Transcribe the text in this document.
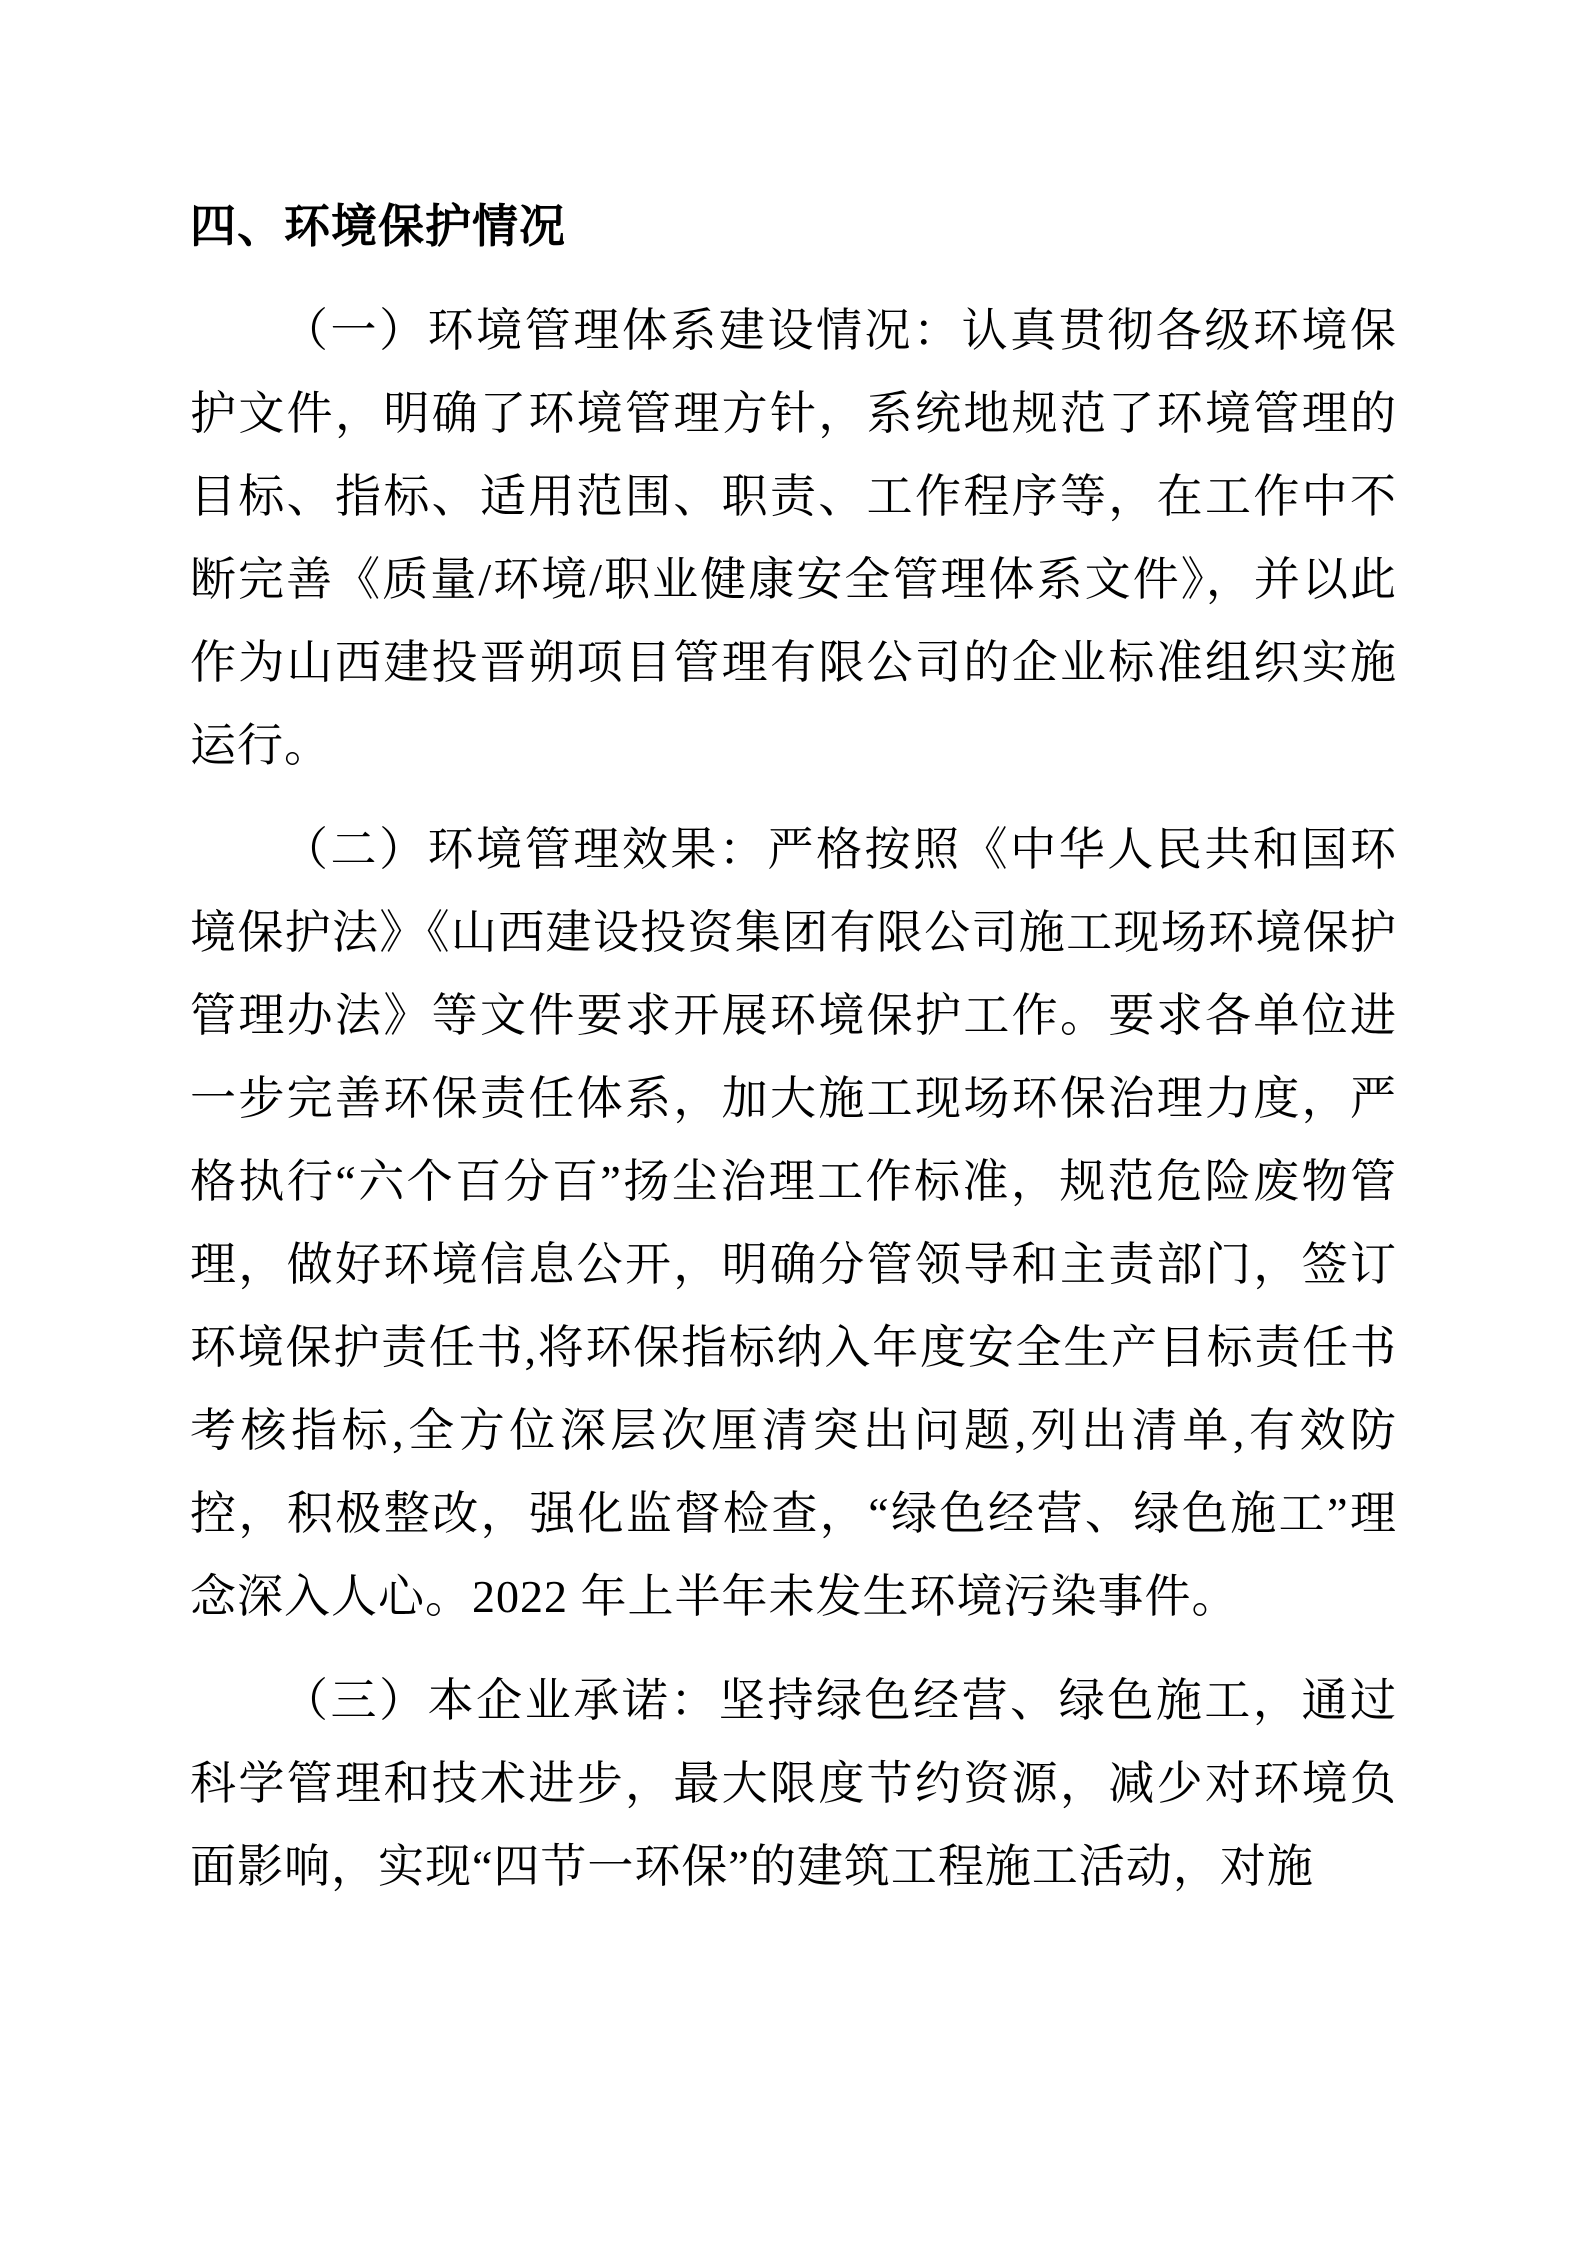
四、环境保护情况

（一）环境管理体系建设情况：认真贯彻各级环境保护文件，明确了环境管理方针，系统地规范了环境管理的目标、指标、适用范围、职责、工作程序等，在工作中不断完善《质量/环境/职业健康安全管理体系文件》，并以此作为山西建投晋朔项目管理有限公司的企业标准组织实施运行。

（二）环境管理效果：严格按照《中华人民共和国环境保护法》《山西建设投资集团有限公司施工现场环境保护管理办法》等文件要求开展环境保护工作。要求各单位进一步完善环保责任体系，加大施工现场环保治理力度，严格执行“六个百分百”扬尘治理工作标准，规范危险废物管理，做好环境信息公开，明确分管领导和主责部门，签订环境保护责任书,将环保指标纳入年度安全生产目标责任书考核指标,全方位深层次厘清突出问题,列出清单,有效防控，积极整改，强化监督检查，“绿色经营、绿色施工”理念深入人心。2022 年上半年未发生环境污染事件。

（三）本企业承诺：坚持绿色经营、绿色施工，通过科学管理和技术进步，最大限度节约资源，减少对环境负面影响，实现“四节一环保”的建筑工程施工活动，对施
